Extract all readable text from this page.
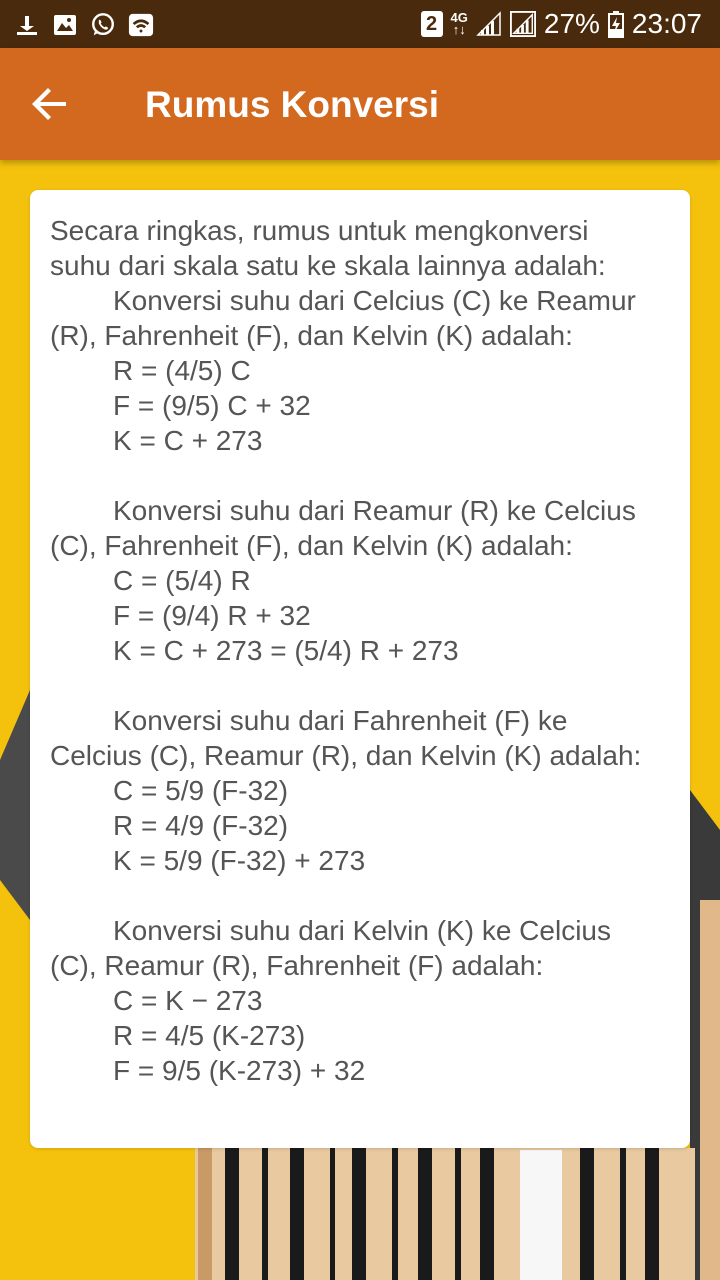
2	4G
↑↓	27% 23:07
Rumus Konversi
Secara ringkas, rumus untuk mengkonversi
suhu dari skala satu ke skala lainnya adalah:
Konversi suhu dari Celcius (C) ke Reamur
(R), Fahrenheit (F), dan Kelvin (K) adalah:
R = (4/5) C
F = (9/5) C + 32
K = C + 273
Konversi suhu dari Reamur (R) ke Celcius
(C), Fahrenheit (F), dan Kelvin (K) adalah:
C = (5/4) R
F = (9/4) R + 32
K = C + 273 = (5/4) R + 273
Konversi suhu dari Fahrenheit (F) ke
Celcius (C), Reamur (R), dan Kelvin (K) adalah:
C = 5/9 (F-32)
R = 4/9 (F-32)
K = 5/9 (F-32) + 273
Konversi suhu dari Kelvin (K) ke Celcius
(C), Reamur (R), Fahrenheit (F) adalah:
C = K − 273
R = 4/5 (K-273)
F = 9/5 (K-273) + 32
